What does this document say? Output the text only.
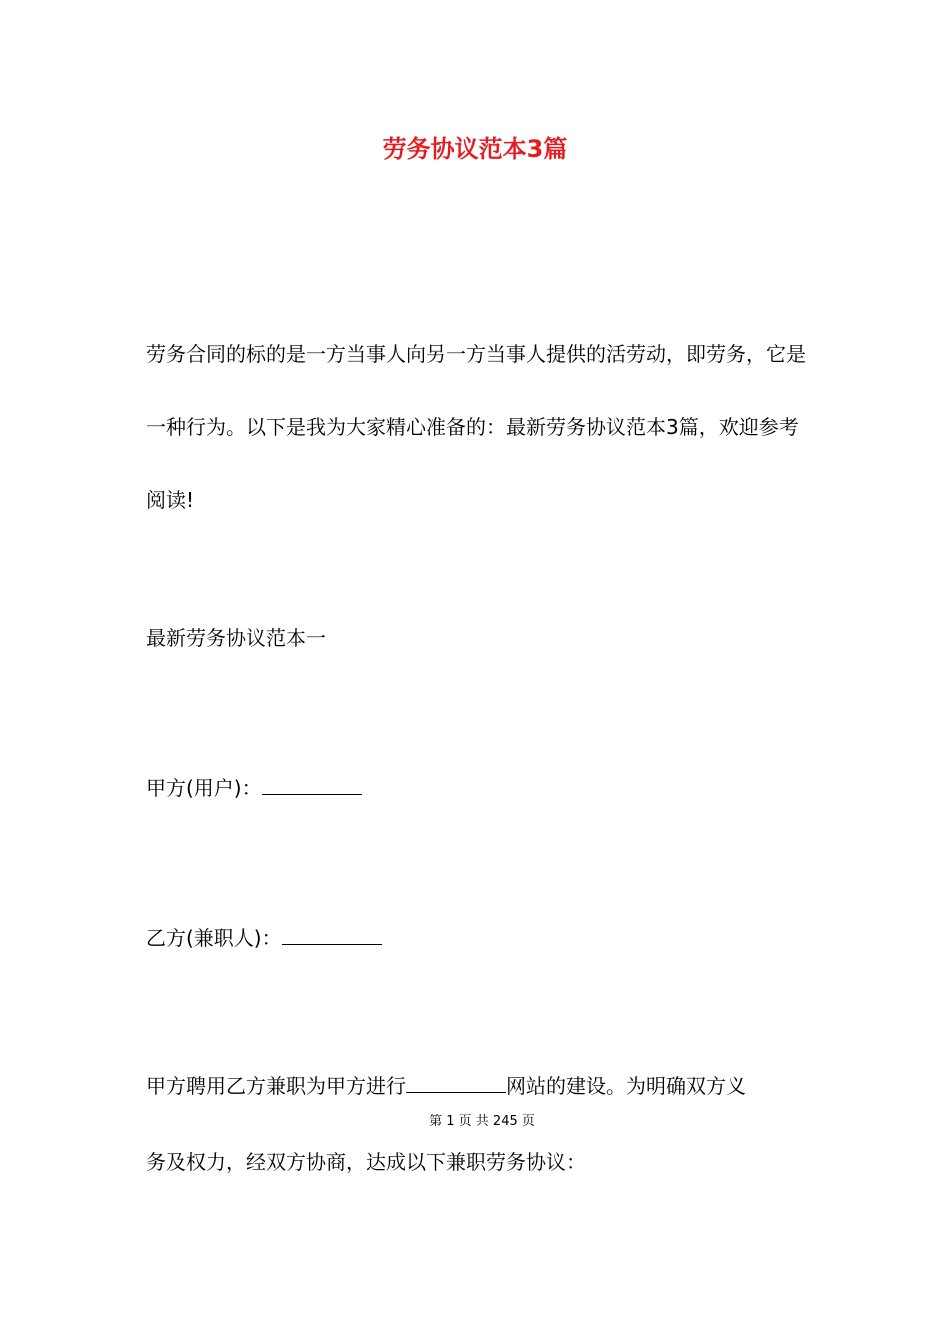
劳务协议范本3篇

劳务合同的标的是一方当事人向另一方当事人提供的活劳动，即劳务，它是一种行为。以下是我为大家精心准备的：最新劳务协议范本3篇，欢迎参考阅读!

最新劳务协议范本一

甲方(用户)：

乙方(兼职人)：

甲方聘用乙方兼职为甲方进行	网站的建设。为明确双方义

第 1 页 共 245 页

务及权力，经双方协商，达成以下兼职劳务协议：
